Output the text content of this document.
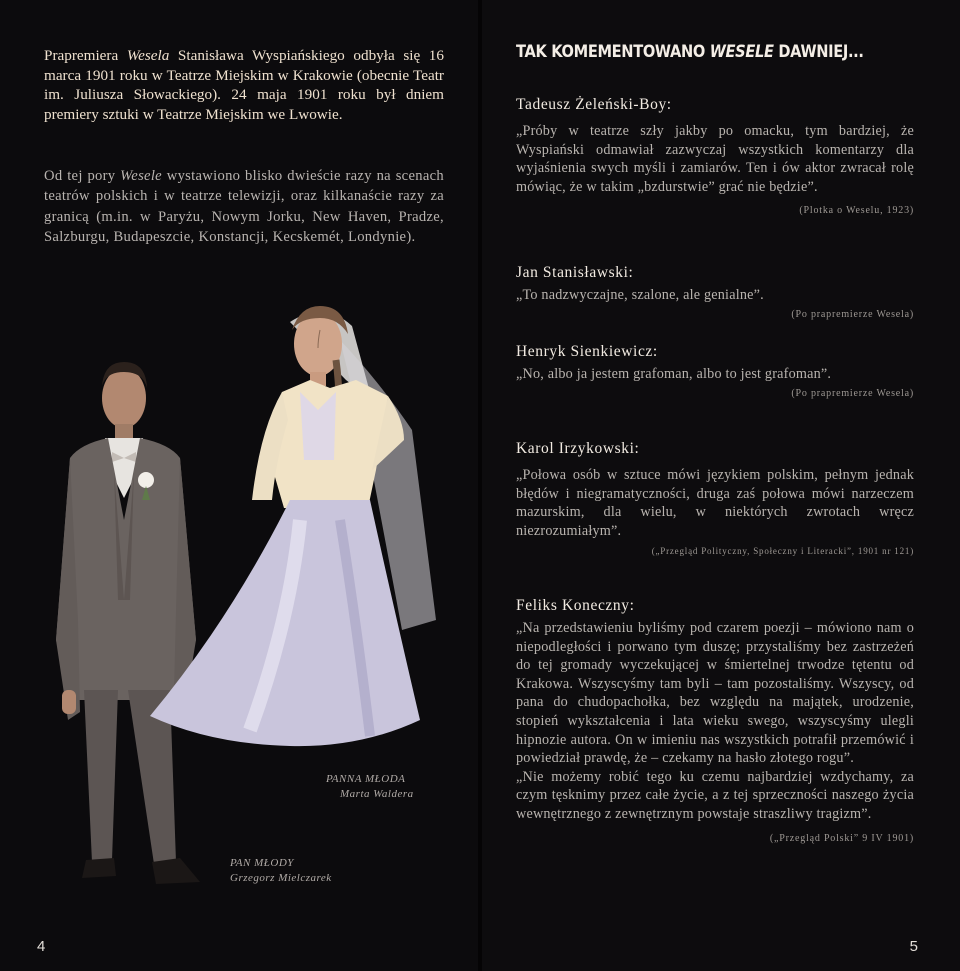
Prapremiera Wesela Stanisława Wyspiańskiego odbyła się 16 marca 1901 roku w Teatrze Miejskim w Krakowie (obecnie Teatr im. Juliusza Słowackiego). 24 maja 1901 roku był dniem premiery sztuki w Teatrze Miejskim we Lwowie.

Od tej pory Wesele wystawiono blisko dwieście razy na scenach teatrów polskich i w teatrze telewizji, oraz kilkanaście razy za granicą (m.in. w Paryżu, Nowym Jorku, New Haven, Pradze, Salzburgu, Budapeszcie, Konstancji, Kecskemét, Londynie).

PANNA MŁODA
Marta Waldera
PAN MŁODY
Grzegorz Mielczarek
4
TAK KOMEMENTOWANO WESELE DAWNIEJ...
Tadeusz Żeleński-Boy:

„Próby w teatrze szły jakby po omacku, tym bardziej, że Wyspiański odmawiał zazwyczaj wszystkich komentarzy dla wyjaśnienia swych myśli i zamiarów. Ten i ów aktor zwracał rolę mówiąc, że w takim „bzdurstwie” grać nie będzie”.

(Plotka o Weselu, 1923)
Jan Stanisławski:

„To nadzwyczajne, szalone, ale genialne”.

(Po prapremierze Wesela)
Henryk Sienkiewicz:

„No, albo ja jestem grafoman, albo to jest grafoman”.

(Po prapremierze Wesela)
Karol Irzykowski:

„Połowa osób w sztuce mówi językiem polskim, pełnym jednak błędów i niegramatyczności, druga zaś połowa mówi narzeczem mazurskim, dla wielu, w niektórych zwrotach wręcz niezrozumiałym”.

(„Przegląd Polityczny, Społeczny i Literacki”, 1901 nr 121)
Feliks Koneczny:

„Na przedstawieniu byliśmy pod czarem poezji – mówiono nam o niepodległości i porwano tym duszę; przystaliśmy bez zastrzeżeń do tej gromady wyczekującej w śmiertelnej trwodze tętentu od Krakowa. Wszyscyśmy tam byli – tam pozostaliśmy. Wszyscy, od pana do chudopachołka, bez względu na majątek, urodzenie, stopień wykształcenia i lata wieku swego, wszyscyśmy ulegli hipnozie autora. On w imieniu nas wszystkich potrafił przemówić i powiedział prawdę, że – czekamy na hasło złotego rogu”.

„Nie możemy robić tego ku czemu najbardziej wzdychamy, za czym tęsknimy przez całe życie, a z tej sprzeczności naszego życia wewnętrznego z zewnętrznym powstaje straszliwy tragizm”.

(„Przegląd Polski” 9 IV 1901)
5
